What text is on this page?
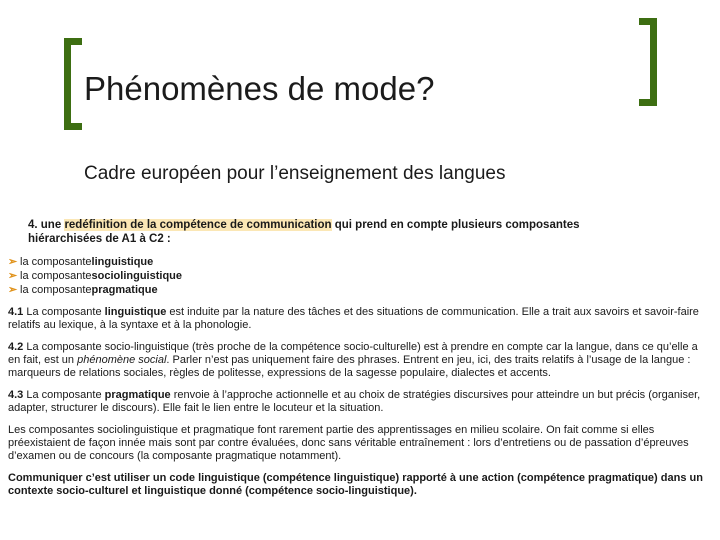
Phénomènes de mode?
Cadre européen pour l’enseignement des langues
4. une redéfinition de la compétence de communication qui prend en compte plusieurs composantes
hiérarchisées de A1 à C2 :
➢ la composante linguistique
➢ la composante sociolinguistique
➢ la composante pragmatique

4.1 La composante linguistique est induite par la nature des tâches et des situations de communication. Elle a trait aux savoirs et savoir-faire relatifs au lexique, à la syntaxe et à la phonologie.

4.2 La composante socio-linguistique (très proche de la compétence socio-culturelle) est à prendre en compte car la langue, dans ce qu’elle a en fait, est un phénomène social. Parler n’est pas uniquement faire des phrases. Entrent en jeu, ici, des traits relatifs à l’usage de la langue : marqueurs de relations sociales, règles de politesse, expressions de la sagesse populaire, dialectes et accents.

4.3 La composante pragmatique renvoie à l’approche actionnelle et au choix de stratégies discursives pour atteindre un but précis (organiser, adapter, structurer le discours). Elle fait le lien entre le locuteur et la situation.

Les composantes sociolinguistique et pragmatique font rarement partie des apprentissages en milieu scolaire. On fait comme si elles préexistaient de façon innée mais sont par contre évaluées, donc sans véritable entraînement : lors d’entretiens ou de passation d’épreuves d’examen ou de concours (la composante pragmatique notamment).

Communiquer c’est utiliser un code linguistique (compétence linguistique) rapporté à une action (compétence pragmatique) dans un contexte socio-culturel et linguistique donné (compétence socio-linguistique).
